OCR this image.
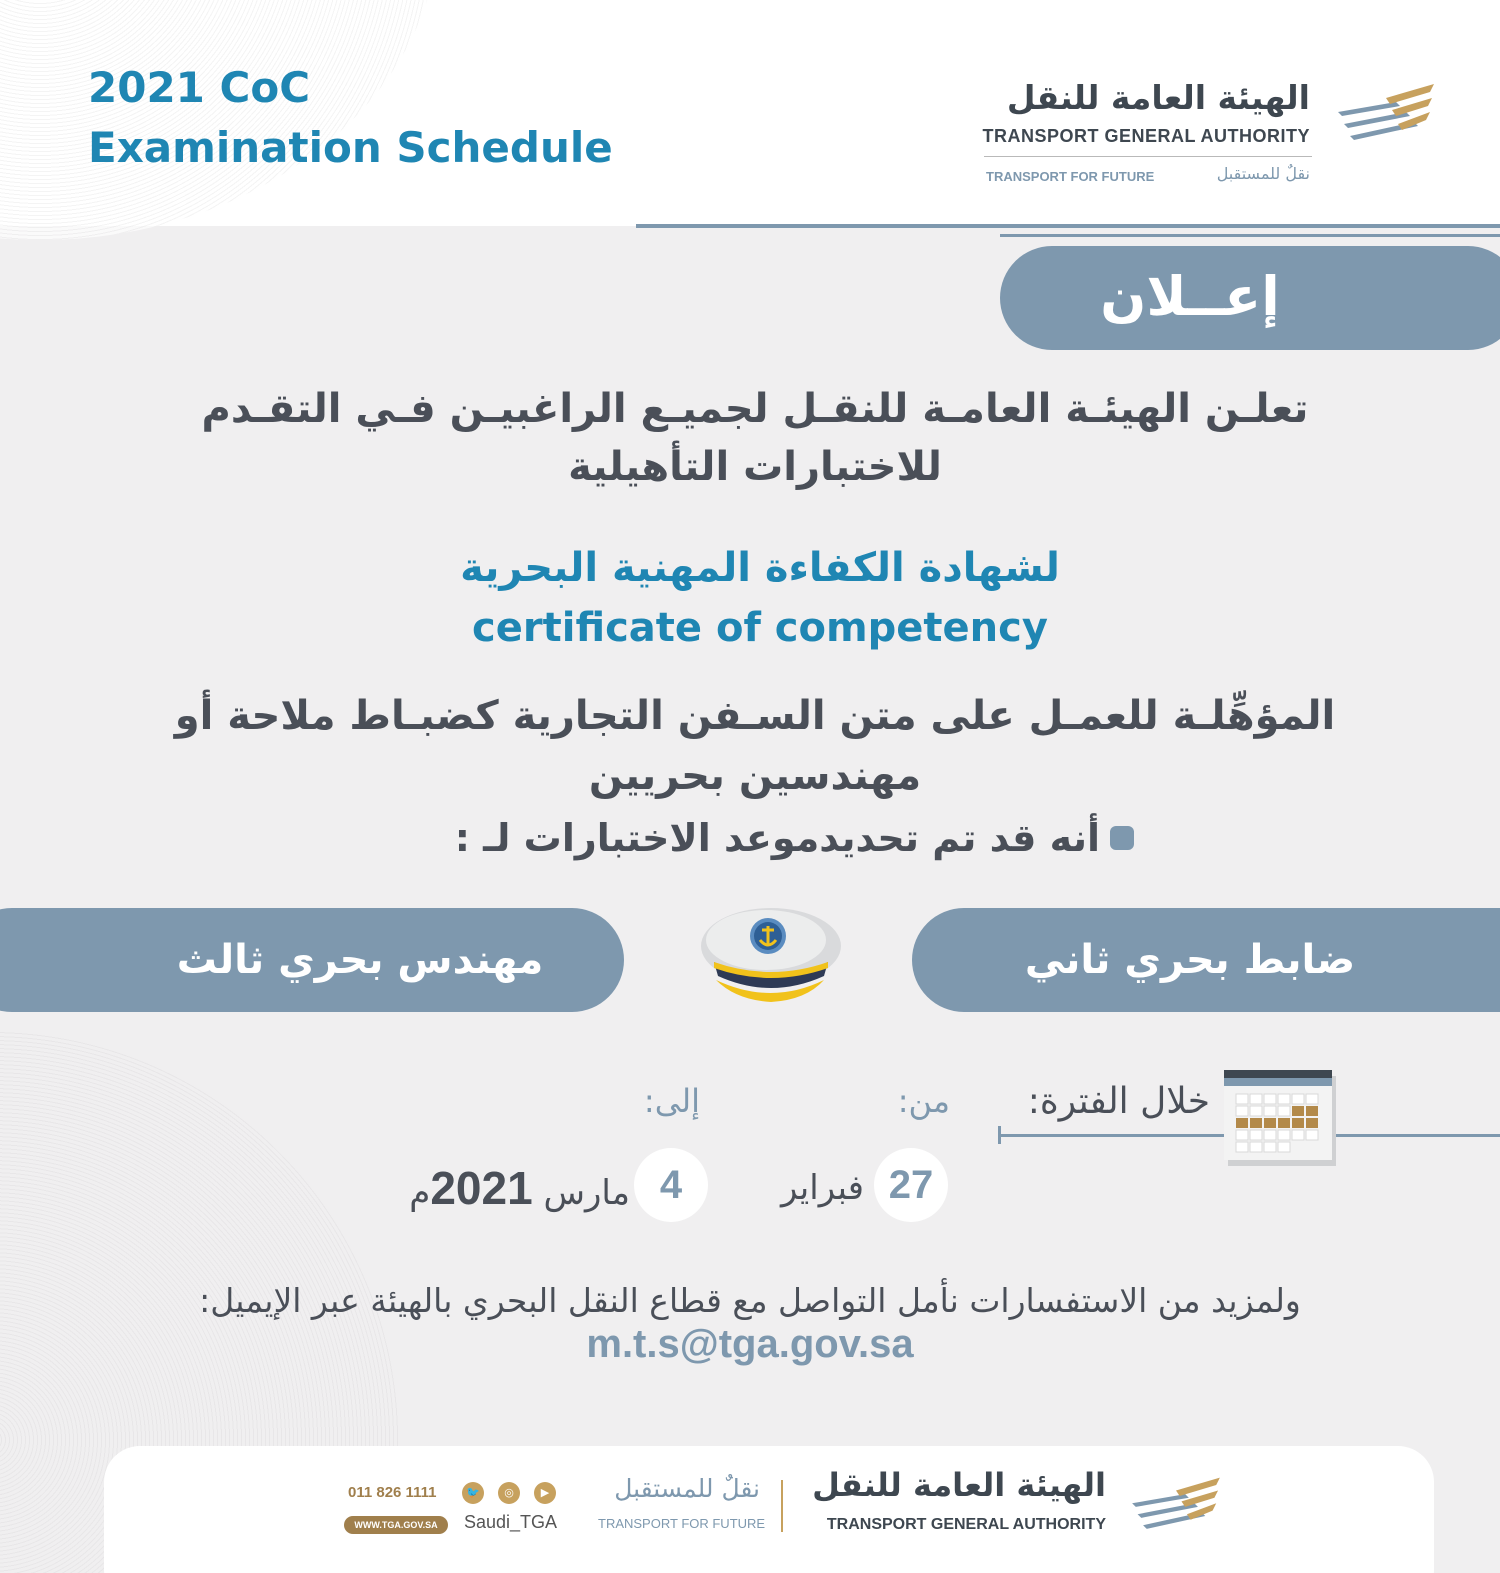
2021 CoC
Examination Schedule
الهيئة العامة للنقل
TRANSPORT GENERAL AUTHORITY
TRANSPORT FOR FUTURE	نقلٌ للمستقبل
إعــلان
تعلـن الهيئـة العامـة للنقـل لجميـع الراغبيـن فـي التقـدم للاختبارات التأهيلية
لشهادة الكفاءة المهنية البحرية
certificate of competency
المؤهِّلـة للعمـل على متن السـفن التجارية كضبـاط ملاحة أو مهندسين بحريين
أنه قد تم تحديدموعد الاختبارات لـ :
مهندس بحري ثالث	ضابط بحري ثاني
خلال الفترة:
من:
إلى:
27
فبراير
4
مارس 2021م
ولمزيد من الاستفسارات نأمل التواصل مع قطاع النقل البحري بالهيئة عبر الإيميل:
m.t.s@tga.gov.sa
الهيئة العامة للنقل
TRANSPORT GENERAL AUTHORITY
نقلٌ للمستقبل
TRANSPORT FOR FUTURE
011 826 1111	🐦	◎	▶
WWW.TGA.GOV.SA	Saudi_TGA
